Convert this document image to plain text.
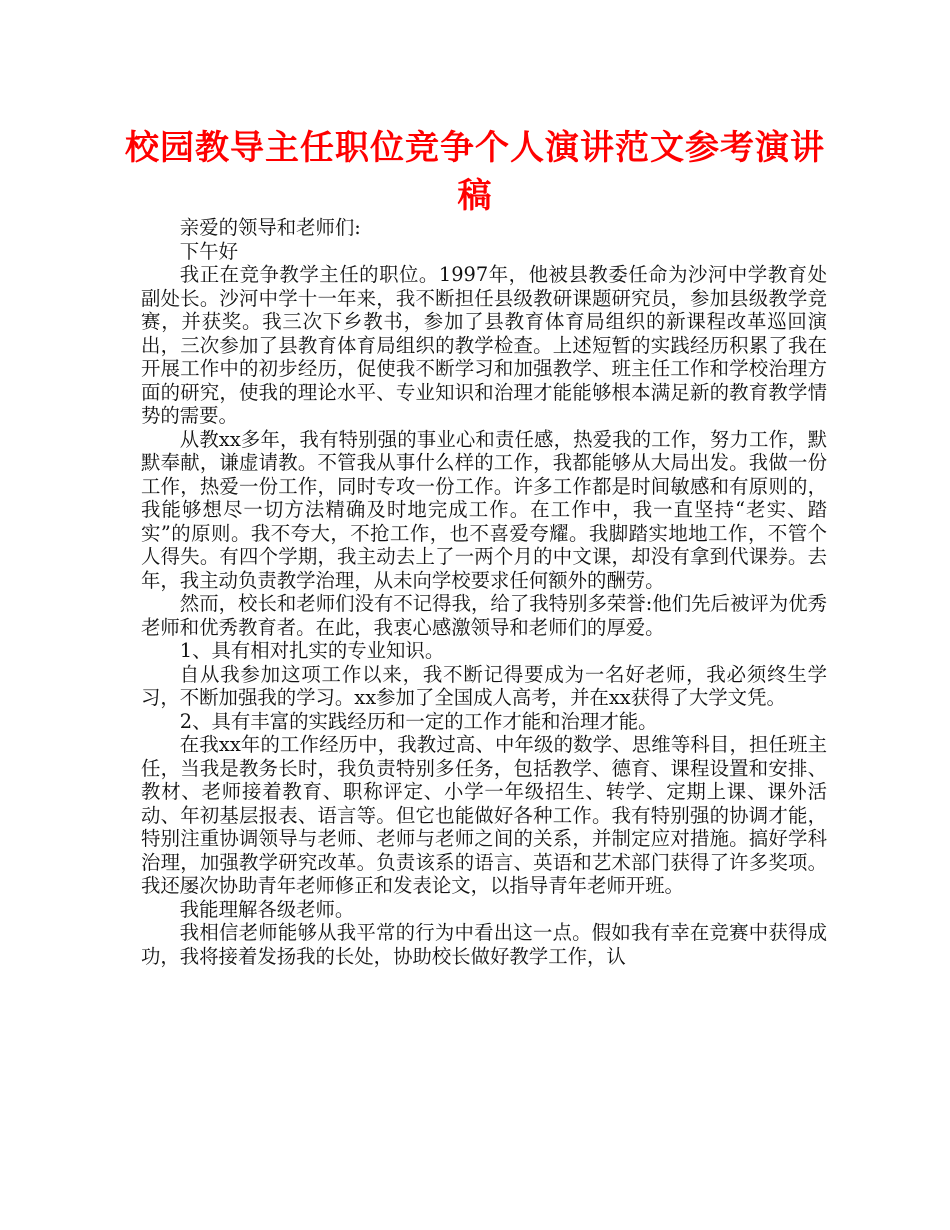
校园教导主任职位竞争个人演讲范文参考演讲稿

亲爱的领导和老师们:

下午好

我正在竞争教学主任的职位。1997年，他被县教委任命为沙河中学教育处副处长。沙河中学十一年来，我不断担任县级教研课题研究员，参加县级教学竞赛，并获奖。我三次下乡教书，参加了县教育体育局组织的新课程改革巡回演出，三次参加了县教育体育局组织的教学检查。上述短暂的实践经历积累了我在开展工作中的初步经历，促使我不断学习和加强教学、班主任工作和学校治理方面的研究，使我的理论水平、专业知识和治理才能能够根本满足新的教育教学情势的需要。

从教xx多年，我有特别强的事业心和责任感，热爱我的工作，努力工作，默默奉献，谦虚请教。不管我从事什么样的工作，我都能够从大局出发。我做一份工作，热爱一份工作，同时专攻一份工作。许多工作都是时间敏感和有原则的，我能够想尽一切方法精确及时地完成工作。在工作中，我一直坚持“老实、踏实”的原则。我不夸大，不抢工作，也不喜爱夸耀。我脚踏实地地工作，不管个人得失。有四个学期，我主动去上了一两个月的中文课，却没有拿到代课券。去年，我主动负责教学治理，从未向学校要求任何额外的酬劳。

然而，校长和老师们没有不记得我，给了我特别多荣誉:他们先后被评为优秀老师和优秀教育者。在此，我衷心感激领导和老师们的厚爱。

1、具有相对扎实的专业知识。

自从我参加这项工作以来，我不断记得要成为一名好老师，我必须终生学习，不断加强我的学习。xx参加了全国成人高考，并在xx获得了大学文凭。

2、具有丰富的实践经历和一定的工作才能和治理才能。

在我xx年的工作经历中，我教过高、中年级的数学、思维等科目，担任班主任，当我是教务长时，我负责特别多任务，包括教学、德育、课程设置和安排、教材、老师接着教育、职称评定、小学一年级招生、转学、定期上课、课外活动、年初基层报表、语言等。但它也能做好各种工作。我有特别强的协调才能，特别注重协调领导与老师、老师与老师之间的关系，并制定应对措施。搞好学科治理，加强教学研究改革。负责该系的语言、英语和艺术部门获得了许多奖项。我还屡次协助青年老师修正和发表论文，以指导青年老师开班。

我能理解各级老师。

我相信老师能够从我平常的行为中看出这一点。假如我有幸在竞赛中获得成功，我将接着发扬我的长处，协助校长做好教学工作，认
